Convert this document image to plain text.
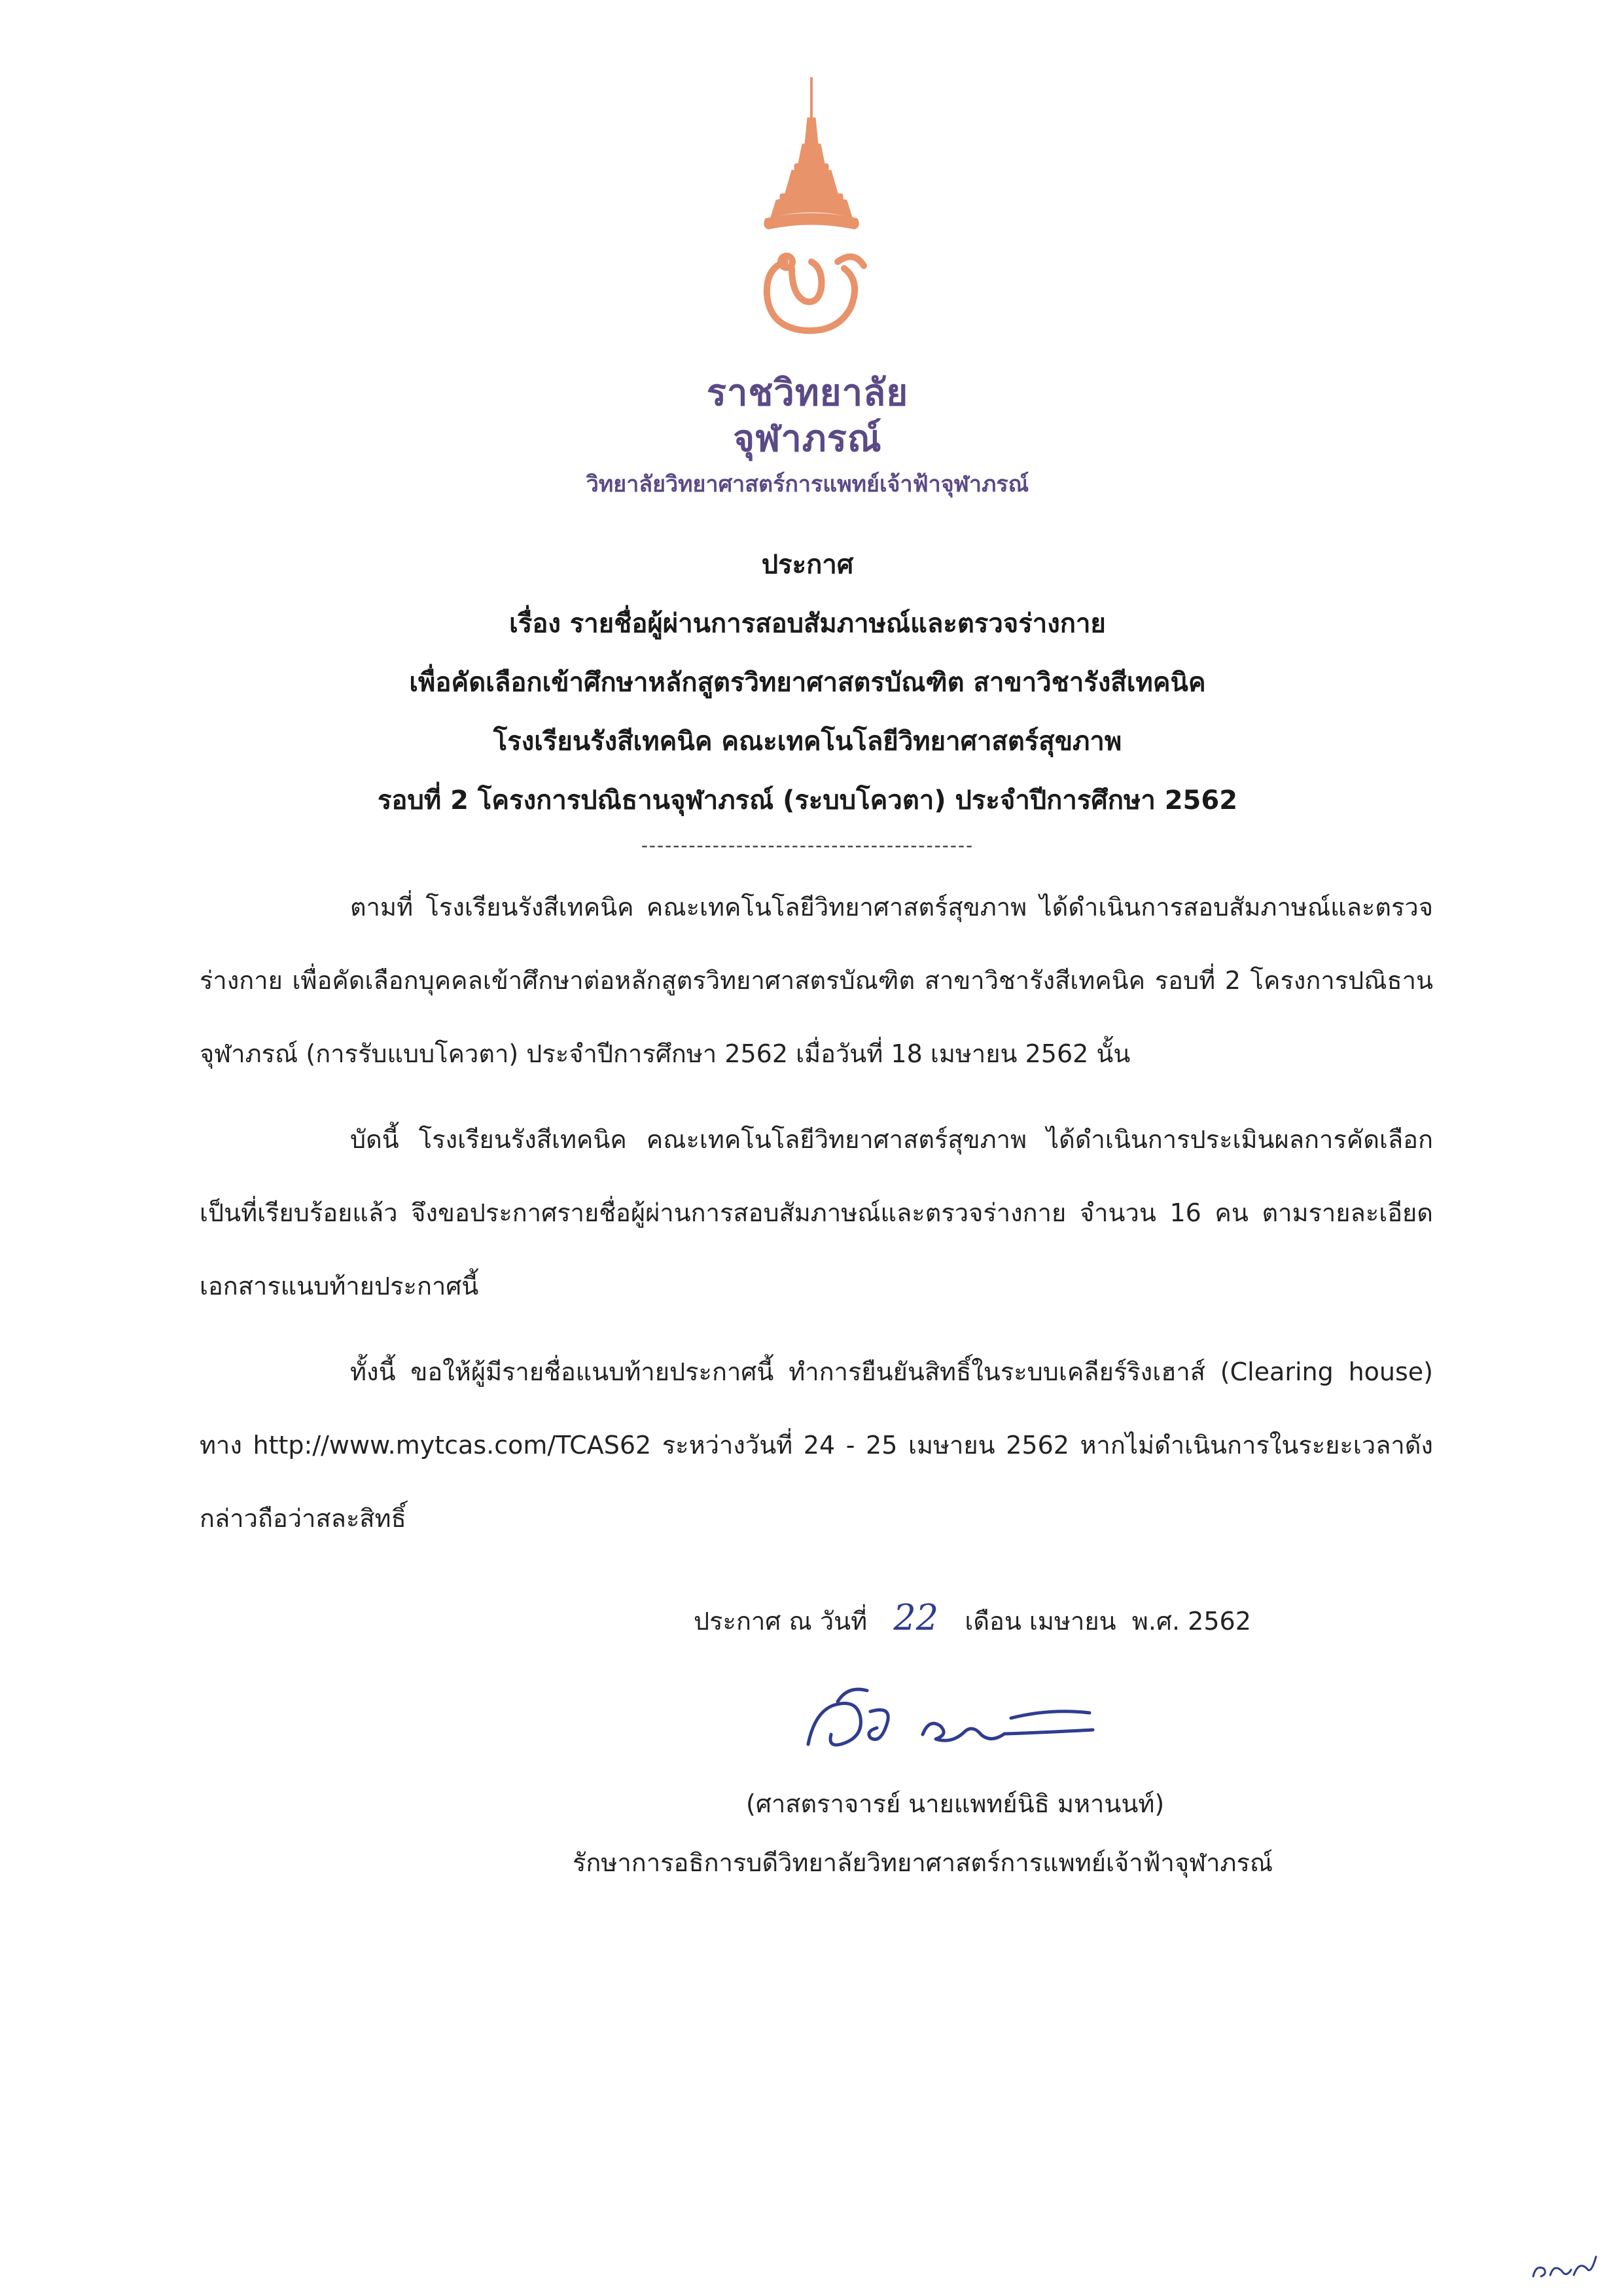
ราชวิทยาลัย
จุฬาภรณ์
วิทยาลัยวิทยาศาสตร์การแพทย์เจ้าฟ้าจุฬาภรณ์
ประกาศ
เรื่อง รายชื่อผู้ผ่านการสอบสัมภาษณ์และตรวจร่างกาย
เพื่อคัดเลือกเข้าศึกษาหลักสูตรวิทยาศาสตรบัณฑิต สาขาวิชารังสีเทคนิค
โรงเรียนรังสีเทคนิค คณะเทคโนโลยีวิทยาศาสตร์สุขภาพ
รอบที่ 2 โครงการปณิธานจุฬาภรณ์ (ระบบโควตา) ประจำปีการศึกษา 2562
------------------------------------------
ตามที่ โรงเรียนรังสีเทคนิค คณะเทคโนโลยีวิทยาศาสตร์สุขภาพ ได้ดำเนินการสอบสัมภาษณ์และตรวจร่างกาย เพื่อคัดเลือกบุคคลเข้าศึกษาต่อหลักสูตรวิทยาศาสตรบัณฑิต สาขาวิชารังสีเทคนิค รอบที่ 2 โครงการปณิธานจุฬาภรณ์ (การรับแบบโควตา) ประจำปีการศึกษา 2562 เมื่อวันที่ 18 เมษายน 2562 นั้น
บัดนี้ โรงเรียนรังสีเทคนิค คณะเทคโนโลยีวิทยาศาสตร์สุขภาพ ได้ดำเนินการประเมินผลการคัดเลือกเป็นที่เรียบร้อยแล้ว จึงขอประกาศรายชื่อผู้ผ่านการสอบสัมภาษณ์และตรวจร่างกาย จำนวน 16 คน ตามรายละเอียดเอกสารแนบท้ายประกาศนี้
ทั้งนี้ ขอให้ผู้มีรายชื่อแนบท้ายประกาศนี้ ทำการยืนยันสิทธิ์ในระบบเคลียร์ริงเฮาส์ (Clearing house) ทาง http://www.mytcas.com/TCAS62 ระหว่างวันที่ 24 - 25 เมษายน 2562 หากไม่ดำเนินการในระยะเวลาดังกล่าวถือว่าสละสิทธิ์
ประกาศ ณ วันที่ 22 เดือน เมษายน พ.ศ. 2562
(ศาสตราจารย์ นายแพทย์นิธิ มหานนท์)
รักษาการอธิการบดีวิทยาลัยวิทยาศาสตร์การแพทย์เจ้าฟ้าจุฬาภรณ์
